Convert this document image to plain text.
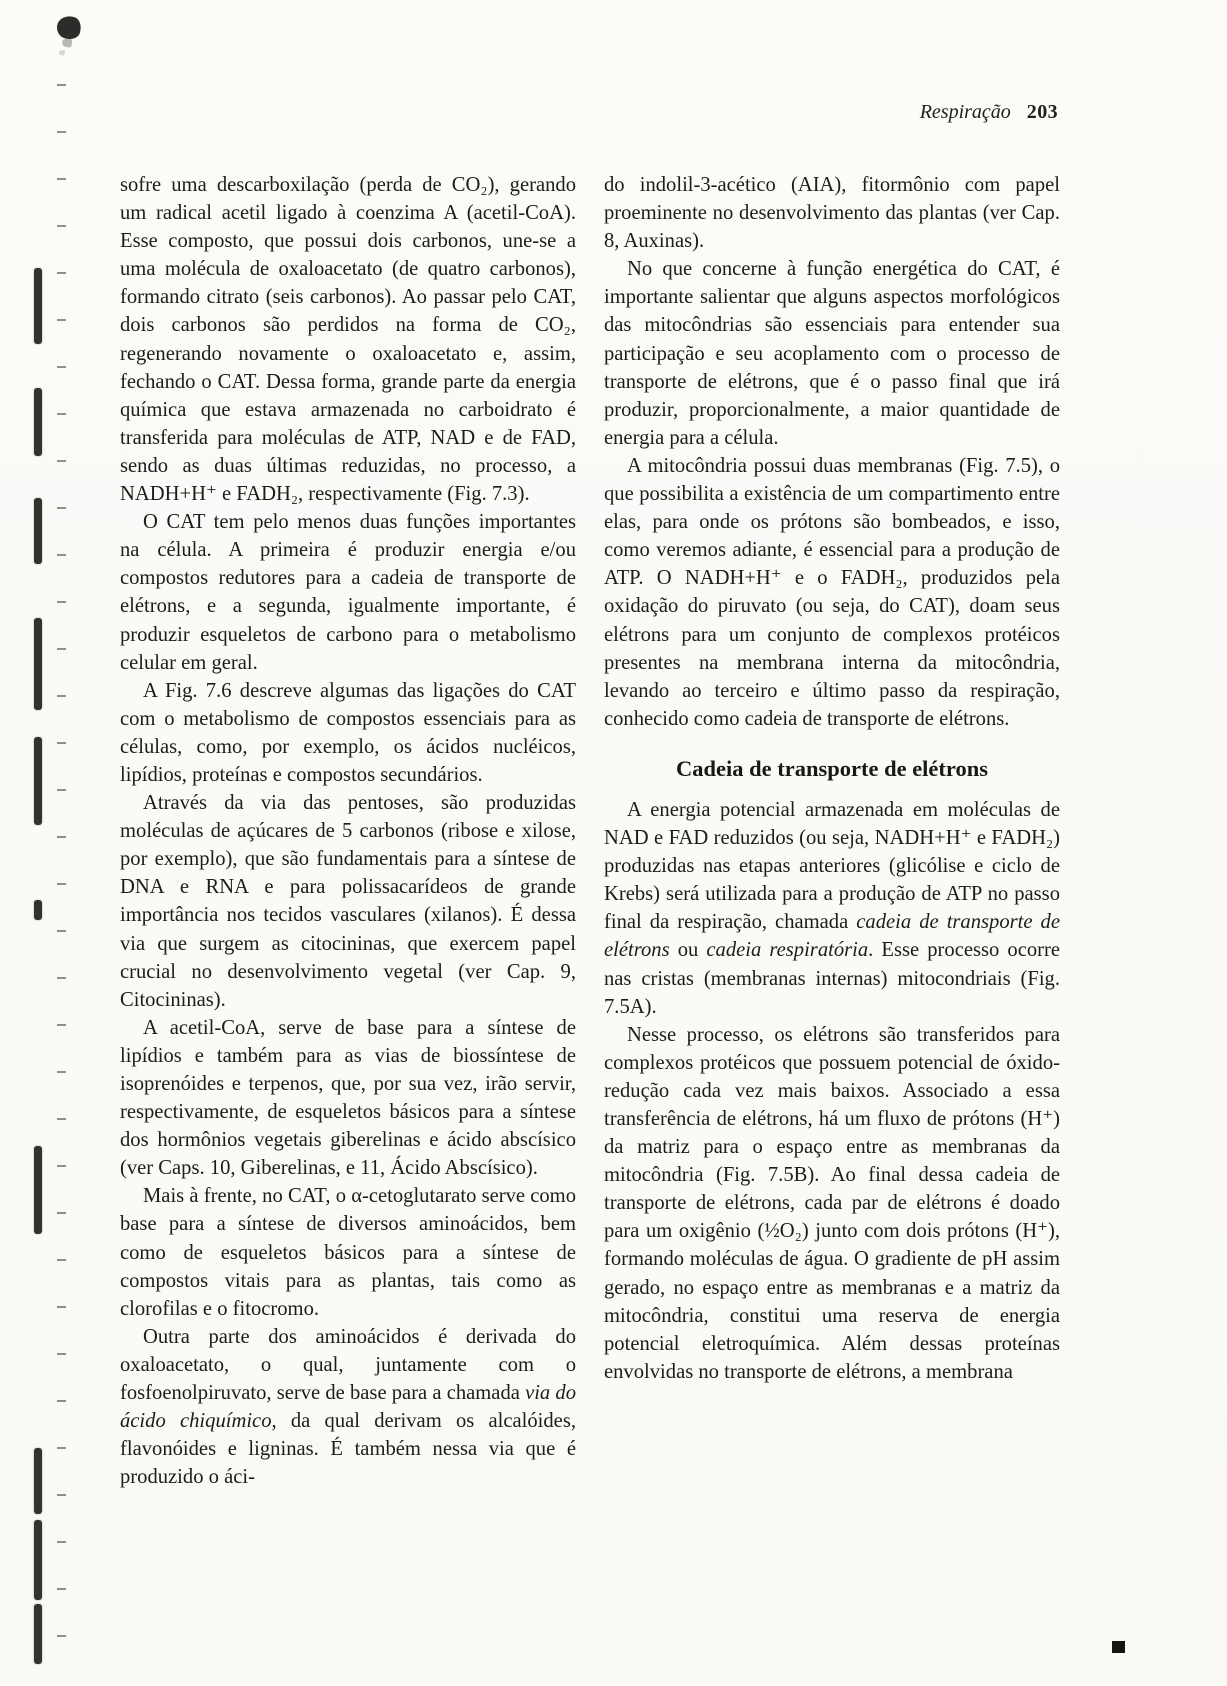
Respiração 203

sofre uma descarboxilação (perda de CO₂), gerando um radical acetil ligado à coenzima A (acetil-CoA). Esse composto, que possui dois carbonos, une-se a uma molécula de oxaloacetato (de quatro carbonos), formando citrato (seis carbonos). Ao passar pelo CAT, dois carbonos são perdidos na forma de CO₂, regenerando novamente o oxaloacetato e, assim, fechando o CAT. Dessa forma, grande parte da energia química que estava armazenada no carboidrato é transferida para moléculas de ATP, NAD e de FAD, sendo as duas últimas reduzidas, no processo, a NADH+H⁺ e FADH₂, respectivamente (Fig. 7.3).

O CAT tem pelo menos duas funções importantes na célula. A primeira é produzir energia e/ou compostos redutores para a cadeia de transporte de elétrons, e a segunda, igualmente importante, é produzir esqueletos de carbono para o metabolismo celular em geral.

A Fig. 7.6 descreve algumas das ligações do CAT com o metabolismo de compostos essenciais para as células, como, por exemplo, os ácidos nucléicos, lipídios, proteínas e compostos secundários.

Através da via das pentoses, são produzidas moléculas de açúcares de 5 carbonos (ribose e xilose, por exemplo), que são fundamentais para a síntese de DNA e RNA e para polissacarídeos de grande importância nos tecidos vasculares (xilanos). É dessa via que surgem as citocininas, que exercem papel crucial no desenvolvimento vegetal (ver Cap. 9, Citocininas).

A acetil-CoA, serve de base para a síntese de lipídios e também para as vias de biossíntese de isoprenóides e terpenos, que, por sua vez, irão servir, respectivamente, de esqueletos básicos para a síntese dos hormônios vegetais giberelinas e ácido abscísico (ver Caps. 10, Giberelinas, e 11, Ácido Abscísico).

Mais à frente, no CAT, o α-cetoglutarato serve como base para a síntese de diversos aminoácidos, bem como de esqueletos básicos para a síntese de compostos vitais para as plantas, tais como as clorofilas e o fitocromo.

Outra parte dos aminoácidos é derivada do oxaloacetato, o qual, juntamente com o fosfoenolpiruvato, serve de base para a chamada via do ácido chiquímico, da qual derivam os alcalóides, flavonóides e ligninas. É também nessa via que é produzido o áci-

do indolil-3-acético (AIA), fitormônio com papel proeminente no desenvolvimento das plantas (ver Cap. 8, Auxinas).

No que concerne à função energética do CAT, é importante salientar que alguns aspectos morfológicos das mitocôndrias são essenciais para entender sua participação e seu acoplamento com o processo de transporte de elétrons, que é o passo final que irá produzir, proporcionalmente, a maior quantidade de energia para a célula.

A mitocôndria possui duas membranas (Fig. 7.5), o que possibilita a existência de um compartimento entre elas, para onde os prótons são bombeados, e isso, como veremos adiante, é essencial para a produção de ATP. O NADH+H⁺ e o FADH₂, produzidos pela oxidação do piruvato (ou seja, do CAT), doam seus elétrons para um conjunto de complexos protéicos presentes na membrana interna da mitocôndria, levando ao terceiro e último passo da respiração, conhecido como cadeia de transporte de elétrons.

Cadeia de transporte de elétrons

A energia potencial armazenada em moléculas de NAD e FAD reduzidos (ou seja, NADH+H⁺ e FADH₂) produzidas nas etapas anteriores (glicólise e ciclo de Krebs) será utilizada para a produção de ATP no passo final da respiração, chamada cadeia de transporte de elétrons ou cadeia respiratória. Esse processo ocorre nas cristas (membranas internas) mitocondriais (Fig. 7.5A).

Nesse processo, os elétrons são transferidos para complexos protéicos que possuem potencial de óxido-redução cada vez mais baixos. Associado a essa transferência de elétrons, há um fluxo de prótons (H⁺) da matriz para o espaço entre as membranas da mitocôndria (Fig. 7.5B). Ao final dessa cadeia de transporte de elétrons, cada par de elétrons é doado para um oxigênio (½O₂) junto com dois prótons (H⁺), formando moléculas de água. O gradiente de pH assim gerado, no espaço entre as membranas e a matriz da mitocôndria, constitui uma reserva de energia potencial eletroquímica. Além dessas proteínas envolvidas no transporte de elétrons, a membrana
